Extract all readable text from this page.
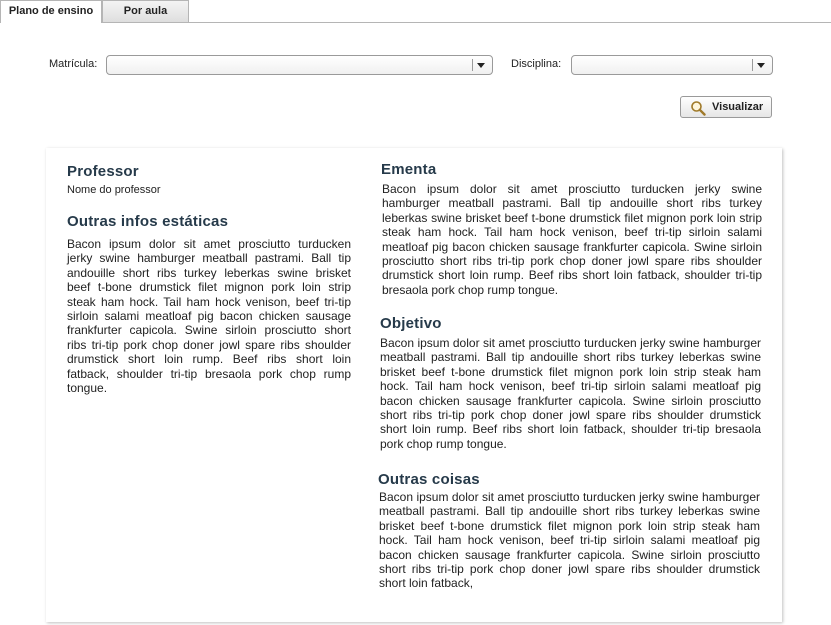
Plano de ensino	Por aula
Matrícula:	Disciplina:
Visualizar
Professor
Nome do professor
Outras infos estáticas
Bacon ipsum dolor sit amet prosciutto turducken jerky swine hamburger meatball pastrami. Ball tip andouille short ribs turkey leberkas swine brisket beef t-bone drumstick filet mignon pork loin strip steak ham hock. Tail ham hock venison, beef tri-tip sirloin salami meatloaf pig bacon chicken sausage frankfurter capicola. Swine sirloin prosciutto short ribs tri-tip pork chop doner jowl spare ribs shoulder drumstick short loin rump. Beef ribs short loin fatback, shoulder tri-tip bresaola pork chop rump tongue.
Ementa
Bacon ipsum dolor sit amet prosciutto turducken jerky swine hamburger meatball pastrami. Ball tip andouille short ribs turkey leberkas swine brisket beef t-bone drumstick filet mignon pork loin strip steak ham hock. Tail ham hock venison, beef tri-tip sirloin salami meatloaf pig bacon chicken sausage frankfurter capicola. Swine sirloin prosciutto short ribs tri-tip pork chop doner jowl spare ribs shoulder drumstick short loin rump. Beef ribs short loin fatback, shoulder tri-tip bresaola pork chop rump tongue.
Objetivo
Bacon ipsum dolor sit amet prosciutto turducken jerky swine hamburger meatball pastrami. Ball tip andouille short ribs turkey leberkas swine brisket beef t-bone drumstick filet mignon pork loin strip steak ham hock. Tail ham hock venison, beef tri-tip sirloin salami meatloaf pig bacon chicken sausage frankfurter capicola. Swine sirloin prosciutto short ribs tri-tip pork chop doner jowl spare ribs shoulder drumstick short loin rump. Beef ribs short loin fatback, shoulder tri-tip bresaola pork chop rump tongue.
Outras coisas
Bacon ipsum dolor sit amet prosciutto turducken jerky swine hamburger meatball pastrami. Ball tip andouille short ribs turkey leberkas swine brisket beef t-bone drumstick filet mignon pork loin strip steak ham hock. Tail ham hock venison, beef tri-tip sirloin salami meatloaf pig bacon chicken sausage frankfurter capicola. Swine sirloin prosciutto short ribs tri-tip pork chop doner jowl spare ribs shoulder drumstick short loin fatback,
